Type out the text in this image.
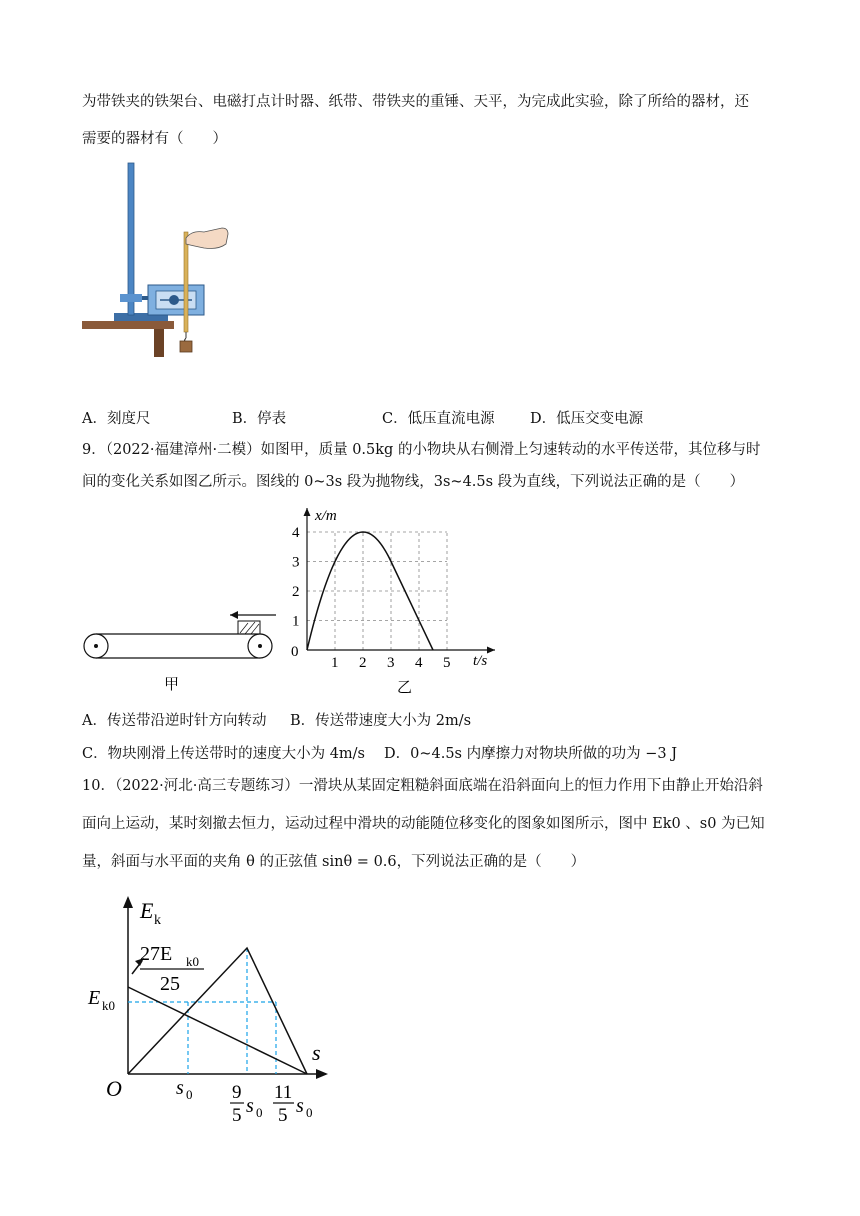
为带铁夹的铁架台、电磁打点计时器、纸带、带铁夹的重锤、天平，为完成此实验，除了所给的器材，还
需要的器材有（　　）
A．刻度尺	B．停表	C．低压直流电源 D．低压交变电源
9．（2022·福建漳州·二模）如图甲，质量 0.5kg 的小物块从右侧滑上匀速转动的水平传送带，其位移与时
间的变化关系如图乙所示。图线的 0~3s 段为抛物线，3s~4.5s 段为直线，下列说法正确的是（　　）
甲
x/m
t/s
0
1 2 3 4 5
1
2
3
4
乙
A．传送带沿逆时针方向转动 B．传送带速度大小为 2m/s
C．物块刚滑上传送带时的速度大小为 4m/s D．0~4.5s 内摩擦力对物块所做的功为 −3 J
10．（2022·河北·高三专题练习）一滑块从某固定粗糙斜面底端在沿斜面向上的恒力作用下由静止开始沿斜
面向上运动，某时刻撤去恒力，运动过程中滑块的动能随位移变化的图象如图所示，图中 Ek0 、s0 为已知
量，斜面与水平面的夹角 θ 的正弦值 sinθ = 0.6，下列说法正确的是（　　）
E k
s
O
E k0
27E k0
25
s 0 9
5 s 0
11
5 s 0
